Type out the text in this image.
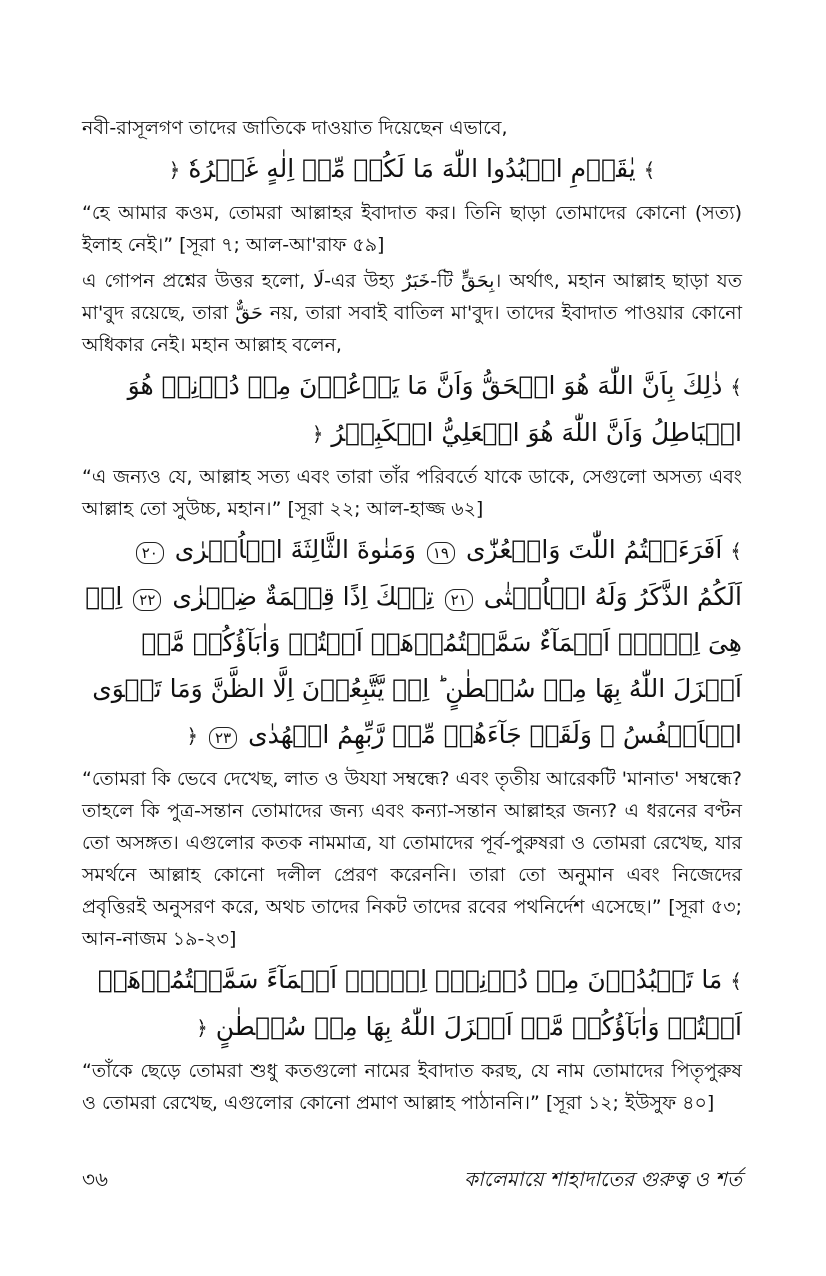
নবী-রাসূলগণ তাদের জাতিকে দাওয়াত দিয়েছেন এভাবে,

﴾ يٰقَوۡمِ اعۡبُدُوا اللّٰهَ مَا لَكُمۡ مِّنۡ اِلٰهٍ غَيۡرُهٗ ﴿

“হে আমার কওম, তোমরা আল্লাহর ইবাদাত কর। তিনি ছাড়া তোমাদের কোনো (সত্য) ইলাহ নেই।” [সূরা ৭; আল-আ'রাফ ৫৯]

এ গোপন প্রশ্নের উত্তর হলো, لَا-এর উহ্য خَبَرٌ-টি بِحَقٍّ। অর্থাৎ, মহান আল্লাহ ছাড়া যত মা'বুদ রয়েছে, তারা حَقٌّ নয়, তারা সবাই বাতিল মা'বুদ। তাদের ইবাদাত পাওয়ার কোনো অধিকার নেই। মহান আল্লাহ বলেন,

﴾ ذٰلِكَ بِاَنَّ اللّٰهَ هُوَ الۡحَقُّ وَاَنَّ مَا يَدۡعُوۡنَ مِنۡ دُوۡنِهٖ هُوَ الۡبَاطِلُ وَاَنَّ اللّٰهَ هُوَ الۡعَلِيُّ الۡكَبِيۡرُ ﴿

“এ জন্যও যে, আল্লাহ সত্য এবং তারা তাঁর পরিবর্তে যাকে ডাকে, সেগুলো অসত্য এবং আল্লাহ তো সুউচ্চ, মহান।” [সূরা ২২; আল-হাজ্জ ৬২]

﴾ اَفَرَءَيۡتُمُ اللّٰتَ وَالۡعُزّٰى ١٩ وَمَنٰوةَ الثَّالِثَةَ الۡاُخۡرٰى ٢٠ اَلَكُمُ الذَّكَرُ وَلَهُ الۡاُنۡثٰى ٢١ تِلۡكَ اِذًا قِسۡمَةٌ ضِيۡزٰى ٢٢ اِنۡ هِىَ اِلَّاۤ اَسۡمَآءٌ سَمَّيۡتُمُوۡهَاۤ اَنۡتُمۡ وَاٰبَآؤُكُمۡ مَّاۤ اَنۡزَلَ اللّٰهُ بِهَا مِنۡ سُلۡطٰنٍ ؕ اِنۡ يَّتَّبِعُوۡنَ اِلَّا الظَّنَّ وَمَا تَهۡوَى الۡاَنۡفُسُ ۚ وَلَقَدۡ جَآءَهُمۡ مِّنۡ رَّبِّهِمُ الۡهُدٰى ٢٣ ﴿

“তোমরা কি ভেবে দেখেছ, লাত ও উযযা সম্বন্ধে? এবং তৃতীয় আরেকটি 'মানাত' সম্বন্ধে? তাহলে কি পুত্র-সন্তান তোমাদের জন্য এবং কন্যা-সন্তান আল্লাহর জন্য? এ ধরনের বণ্টন তো অসঙ্গত। এগুলোর কতক নামমাত্র, যা তোমাদের পূর্ব-পুরুষরা ও তোমরা রেখেছ, যার সমর্থনে আল্লাহ কোনো দলীল প্রেরণ করেননি। তারা তো অনুমান এবং নিজেদের প্রবৃত্তিরই অনুসরণ করে, অথচ তাদের নিকট তাদের রবের পথনির্দেশ এসেছে।” [সূরা ৫৩; আন-নাজম ১৯-২৩]

﴾ مَا تَعۡبُدُوۡنَ مِنۡ دُوۡنِهٖۤ اِلَّاۤ اَسۡمَآءً سَمَّيۡتُمُوۡهَاۤ اَنۡتُمۡ وَاٰبَآؤُكُمۡ مَّاۤ اَنۡزَلَ اللّٰهُ بِهَا مِنۡ سُلۡطٰنٍ ﴿

“তাঁকে ছেড়ে তোমরা শুধু কতগুলো নামের ইবাদাত করছ, যে নাম তোমাদের পিতৃপুরুষ ও তোমরা রেখেছ, এগুলোর কোনো প্রমাণ আল্লাহ পাঠাননি।” [সূরা ১২; ইউসুফ ৪০]

৩৬	কালেমায়ে শাহাদাতের গুরুত্ব ও শর্ত
